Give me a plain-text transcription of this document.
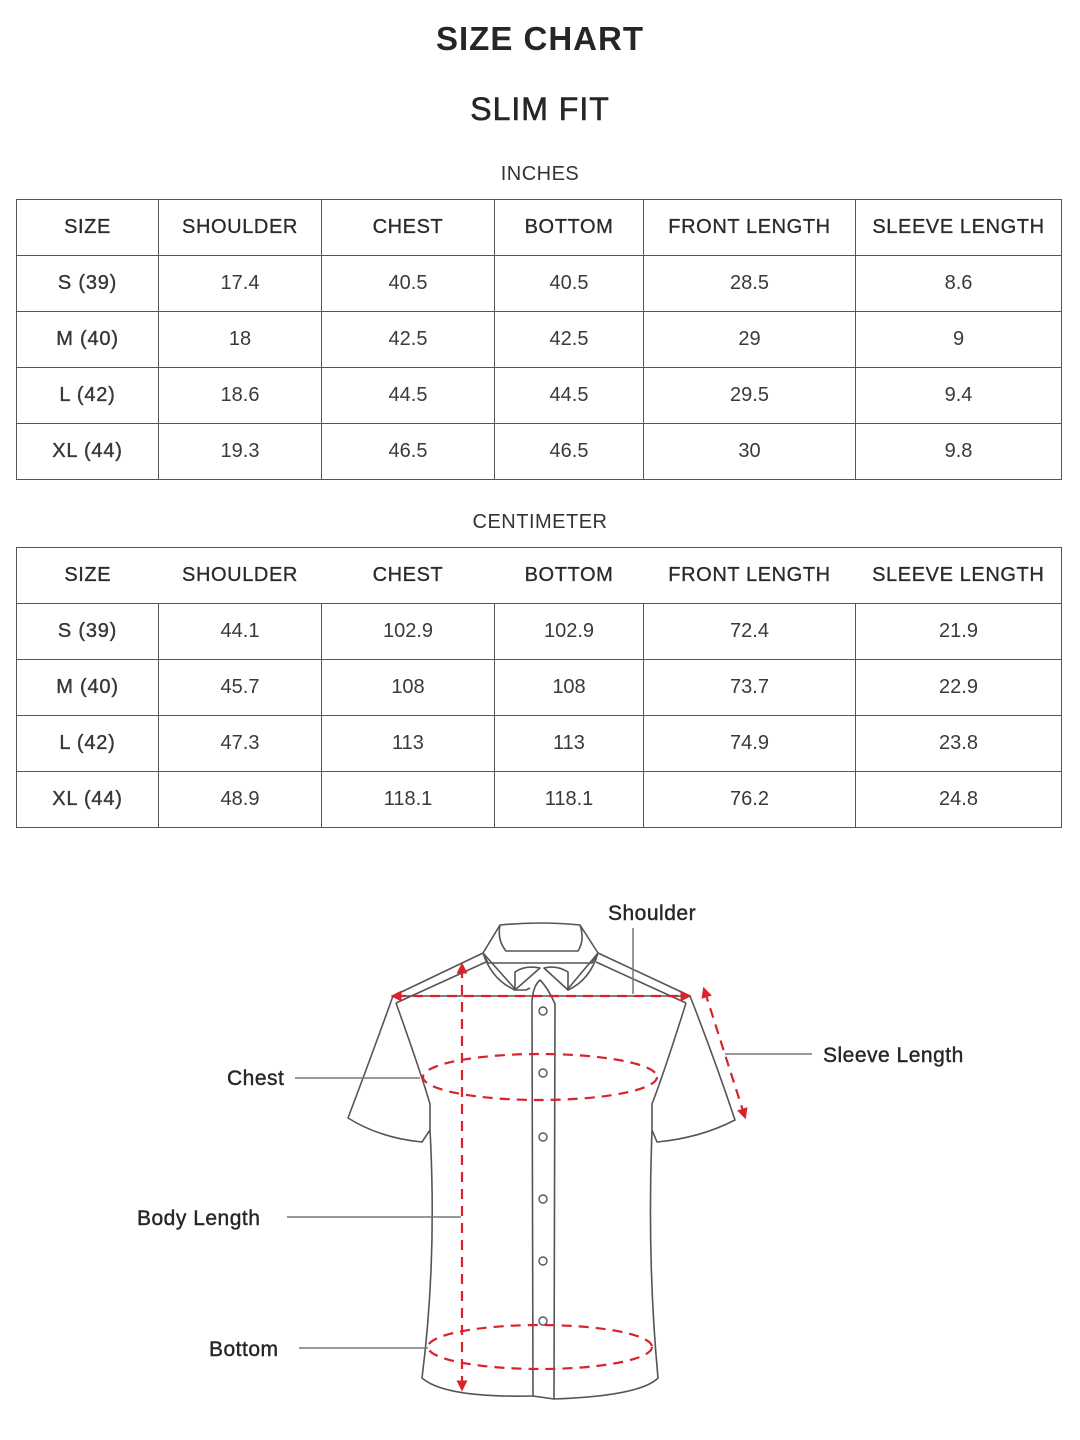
SIZE CHART
SLIM FIT
INCHES
SIZE	SHOULDER	CHEST	BOTTOM	FRONT LENGTH	SLEEVE LENGTH
S (39)	17.4	40.5	40.5	28.5	8.6
M (40)	18	42.5	42.5	29	9
L (42)	18.6	44.5	44.5	29.5	9.4
XL (44)	19.3	46.5	46.5	30	9.8
CENTIMETER
SIZE	SHOULDER	CHEST	BOTTOM	FRONT LENGTH	SLEEVE LENGTH
S (39)	44.1	102.9	102.9	72.4	21.9
M (40)	45.7	108	108	73.7	22.9
L (42)	47.3	113	113	74.9	23.8
XL (44)	48.9	118.1	118.1	76.2	24.8
Shoulder
Sleeve Length
Chest
Body Length
Bottom
